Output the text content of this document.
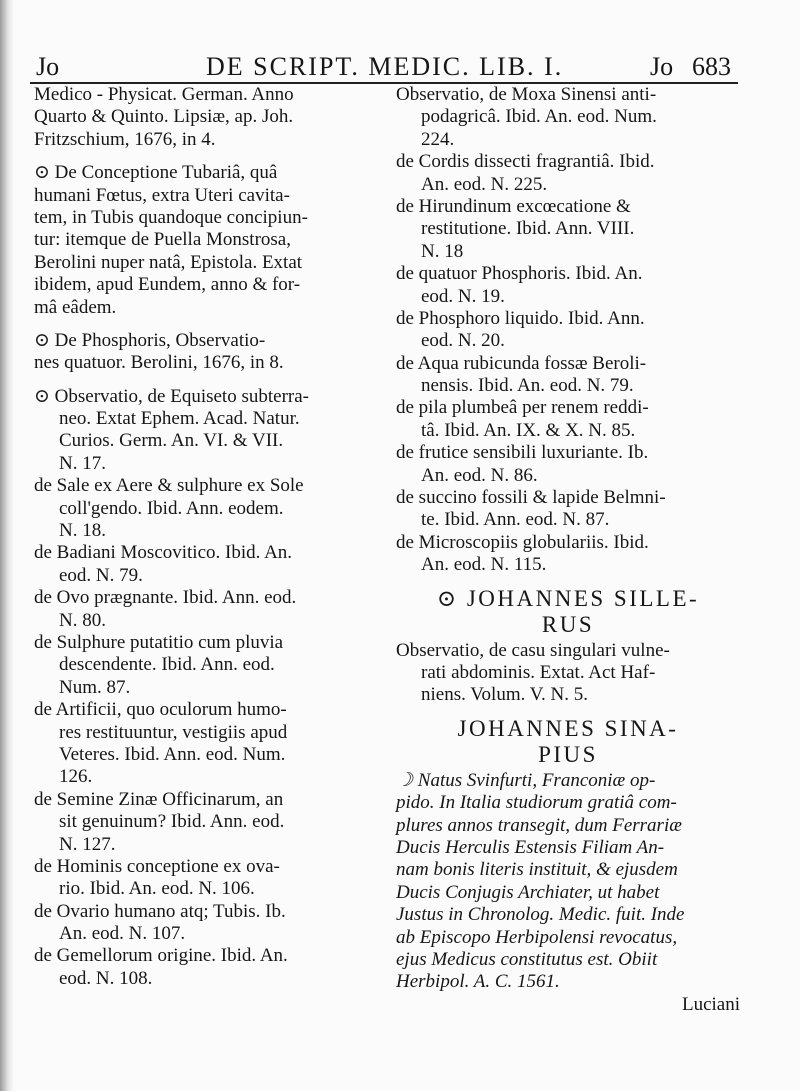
Jo	DE SCRIPT. MEDIC. LIB. I.	Jo 683
Medico - Physicat. German. Anno
Quarto & Quinto. Lipsiæ, ap. Joh.
Fritzschium, 1676, in 4.
⊙ De Conceptione Tubariâ, quâ
humani Fœtus, extra Uteri cavita-
tem, in Tubis quandoque concipiun-
tur: itemque de Puella Monstrosa,
Berolini nuper natâ, Epistola. Extat
ibidem, apud Eundem, anno & for-
mâ eâdem.
⊙ De Phosphoris, Observatio-
nes quatuor. Berolini, 1676, in 8.
⊙ Observatio, de Equiseto subterra-
neo. Extat Ephem. Acad. Natur.
Curios. Germ. An. VI. & VII.
N. 17.
de Sale ex Aere & sulphure ex Sole
coll'gendo. Ibid. Ann. eodem.
N. 18.
de Badiani Moscovitico. Ibid. An.
eod. N. 79.
de Ovo prægnante. Ibid. Ann. eod.
N. 80.
de Sulphure putatitio cum pluvia
descendente. Ibid. Ann. eod.
Num. 87.
de Artificii, quo oculorum humo-
res restituuntur, vestigiis apud
Veteres. Ibid. Ann. eod. Num.
126.
de Semine Zinæ Officinarum, an
sit genuinum? Ibid. Ann. eod.
N. 127.
de Hominis conceptione ex ova-
rio. Ibid. An. eod. N. 106.
de Ovario humano atq; Tubis. Ib.
An. eod. N. 107.
de Gemellorum origine. Ibid. An.
eod. N. 108.
Observatio, de Moxa Sinensi anti-
podagricâ. Ibid. An. eod. Num.
224.
de Cordis dissecti fragrantiâ. Ibid.
An. eod. N. 225.
de Hirundinum excœcatione &
restitutione. Ibid. Ann. VIII.
N. 18
de quatuor Phosphoris. Ibid. An.
eod. N. 19.
de Phosphoro liquido. Ibid. Ann.
eod. N. 20.
de Aqua rubicunda fossæ Beroli-
nensis. Ibid. An. eod. N. 79.
de pila plumbeâ per renem reddi-
tâ. Ibid. An. IX. & X. N. 85.
de frutice sensibili luxuriante. Ib.
An. eod. N. 86.
de succino fossili & lapide Belmni-
te. Ibid. Ann. eod. N. 87.
de Microscopiis globulariis. Ibid.
An. eod. N. 115.
⊙ JOHANNES SILLE-
RUS
Observatio, de casu singulari vulne-
rati abdominis. Extat. Act Haf-
niens. Volum. V. N. 5.
JOHANNES SINA-
PIUS
☽ Natus Svinfurti, Franconiæ op-
pido. In Italia studiorum gratiâ com-
plures annos transegit, dum Ferrariæ
Ducis Herculis Estensis Filiam An-
nam bonis literis instituit, & ejusdem
Ducis Conjugis Archiater, ut habet
Justus in Chronolog. Medic. fuit. Inde
ab Episcopo Herbipolensi revocatus,
ejus Medicus constitutus est. Obiit
Herbipol. A. C. 1561.
Luciani
